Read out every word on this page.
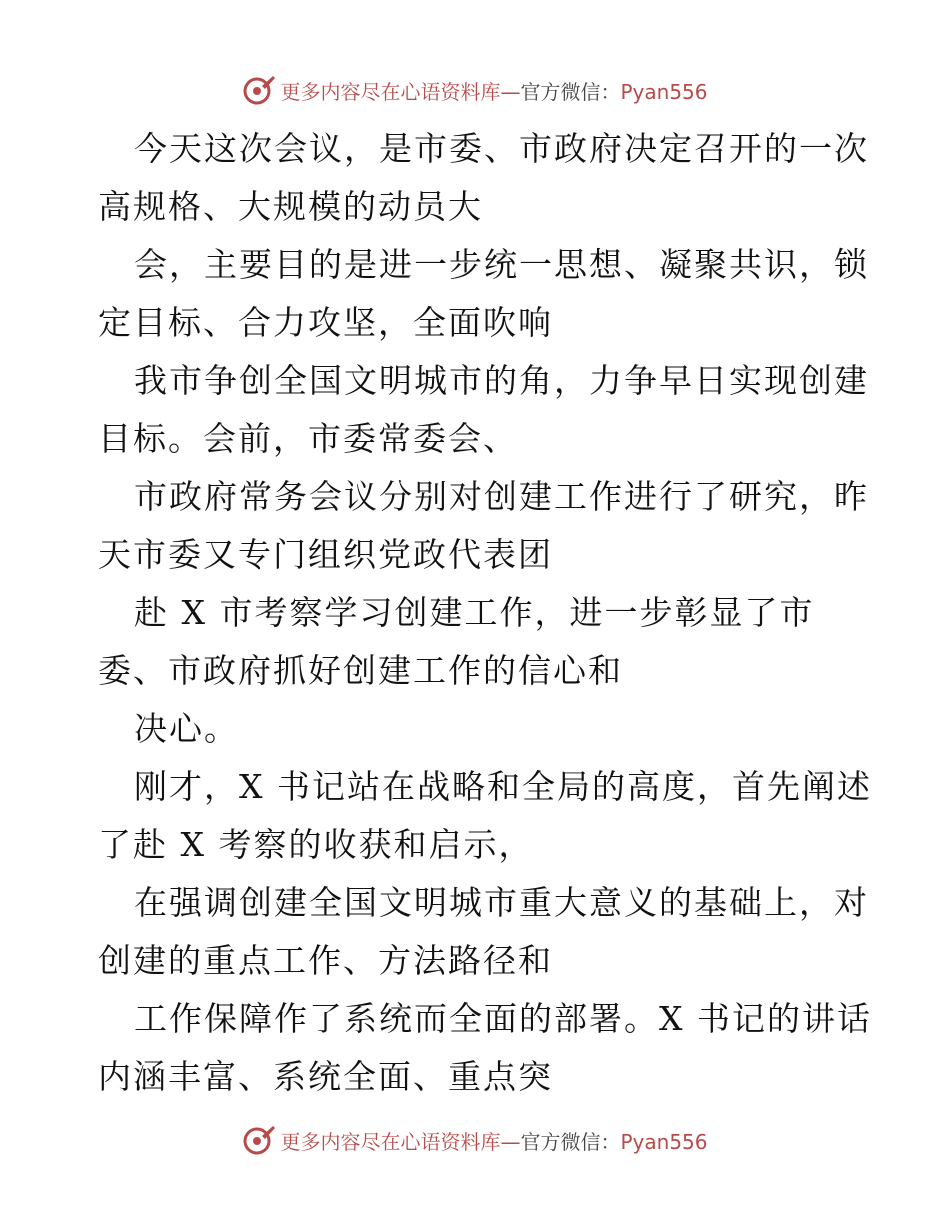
更多内容尽在心语资料库—官方微信：Pyan556
今天这次会议，是市委、市政府决定召开的一次
高规格、大规模的动员大
会，主要目的是进一步统一思想、凝聚共识，锁
定目标、合力攻坚，全面吹响
我市争创全国文明城市的角，力争早日实现创建
目标。会前，市委常委会、
市政府常务会议分别对创建工作进行了研究，昨
天市委又专门组织党政代表团
赴 X 市考察学习创建工作，进一步彰显了市
委、市政府抓好创建工作的信心和
决心。
刚才，X 书记站在战略和全局的高度，首先阐述
了赴 X 考察的收获和启示，
在强调创建全国文明城市重大意义的基础上，对
创建的重点工作、方法路径和
工作保障作了系统而全面的部署。X 书记的讲话
内涵丰富、系统全面、重点突
更多内容尽在心语资料库—官方微信：Pyan556
